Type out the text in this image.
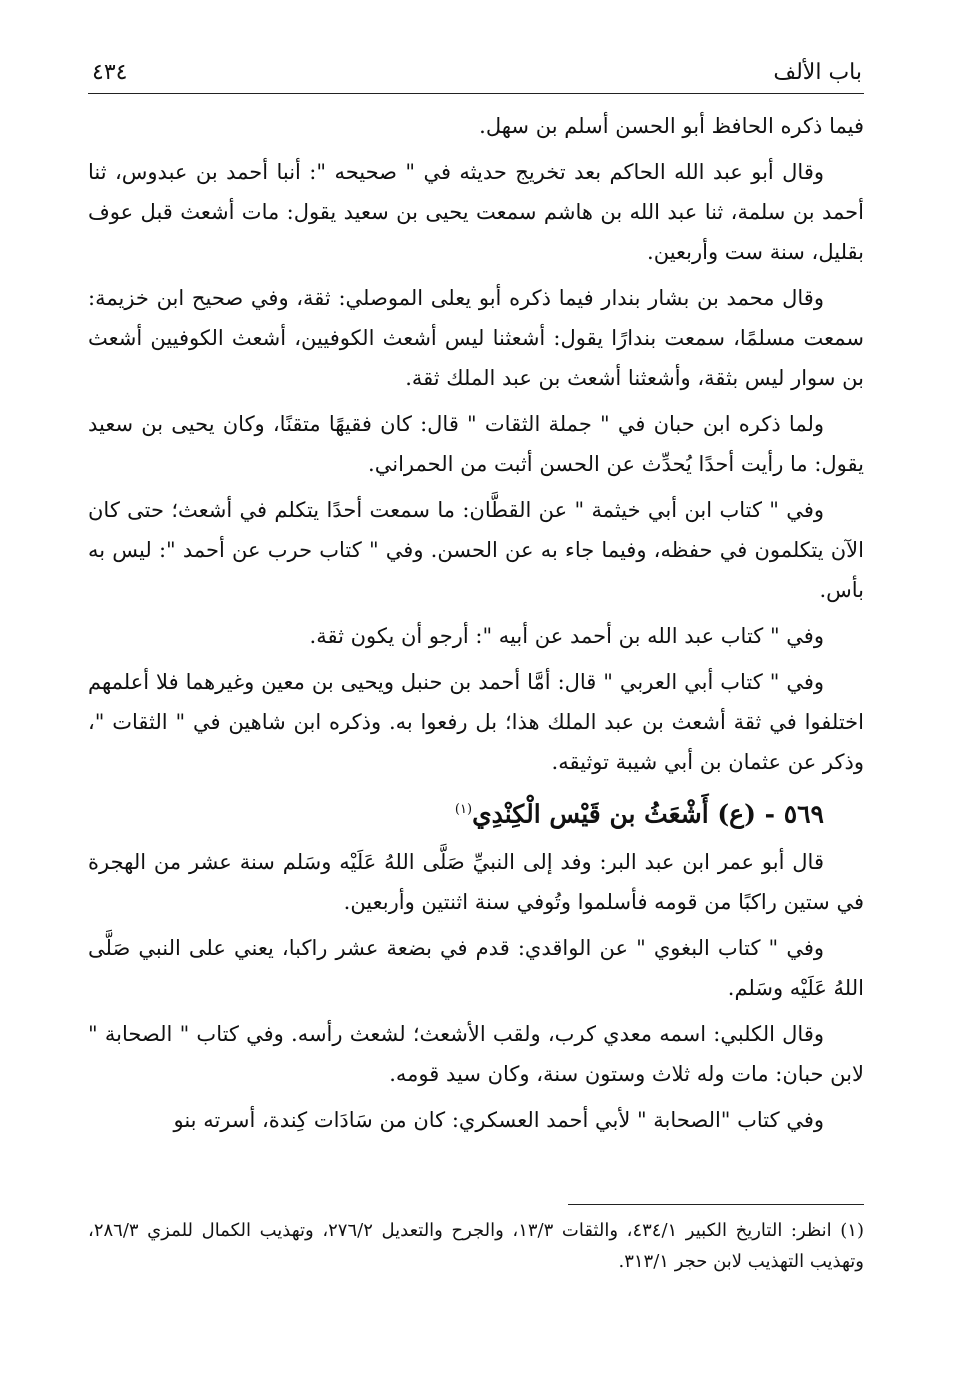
باب الألف
٤٣٤

فيما ذكره الحافظ أبو الحسن أسلم بن سهل.

وقال أبو عبد الله الحاكم بعد تخريج حديثه في " صحيحه ": أنبا أحمد بن عبدوس، ثنا أحمد بن سلمة، ثنا عبد الله بن هاشم سمعت يحيى بن سعيد يقول: مات أشعث قبل عوف بقليل، سنة ست وأربعين.

وقال محمد بن بشار بندار فيما ذكره أبو يعلى الموصلي: ثقة، وفي صحيح ابن خزيمة: سمعت مسلمًا، سمعت بندارًا يقول: أشعثنا ليس أشعث الكوفيين، أشعث الكوفيين أشعث بن سوار ليس بثقة، وأشعثنا أشعث بن عبد الملك ثقة.

ولما ذكره ابن حبان في " جملة الثقات " قال: كان فقيهًا متقنًا، وكان يحيى بن سعيد يقول: ما رأيت أحدًا يُحدِّث عن الحسن أثبت من الحمراني.

وفي " كتاب ابن أبي خيثمة " عن القطَّان: ما سمعت أحدًا يتكلم في أشعث؛ حتى كان الآن يتكلمون في حفظه، وفيما جاء به عن الحسن. وفي " كتاب حرب عن أحمد ": ليس به بأس.

وفي " كتاب عبد الله بن أحمد عن أبيه ": أرجو أن يكون ثقة.

وفي " كتاب أبي العربي " قال: أمَّا أحمد بن حنبل ويحيى بن معين وغيرهما فلا أعلمهم اختلفوا في ثقة أشعث بن عبد الملك هذا؛ بل رفعوا به. وذكره ابن شاهين في " الثقات "، وذكر عن عثمان بن أبي شيبة توثيقه.

٥٦٩ - (ع) أَشْعَثُ بن قَيْس الْكِنْدِي$^{(١)}$

قال أبو عمر ابن عبد البر: وفد إلى النبيِّ صَلَّى اللهُ عَلَيْه وسَلم سنة عشر من الهجرة في ستين راكبًا من قومه فأسلموا وتُوفي سنة اثنتين وأربعين.

وفي " كتاب البغوي " عن الواقدي: قدم في بضعة عشر راكبا، يعني على النبي صَلَّى اللهُ عَلَيْه وسَلم.

وقال الكلبي: اسمه معدي كرب، ولقب الأشعث؛ لشعث رأسه. وفي كتاب " الصحابة " لابن حبان: مات وله ثلاث وستون سنة، وكان سيد قومه.

وفي كتاب "الصحابة " لأبي أحمد العسكري: كان من سَادَات كِندة، أسرته بنو

(١) انظر: التاريخ الكبير ٤٣٤/١، والثقات ١٣/٣، والجرح والتعديل ٢٧٦/٢، وتهذيب الكمال للمزي ٢٨٦/٣، وتهذيب التهذيب لابن حجر ٣١٣/١.
